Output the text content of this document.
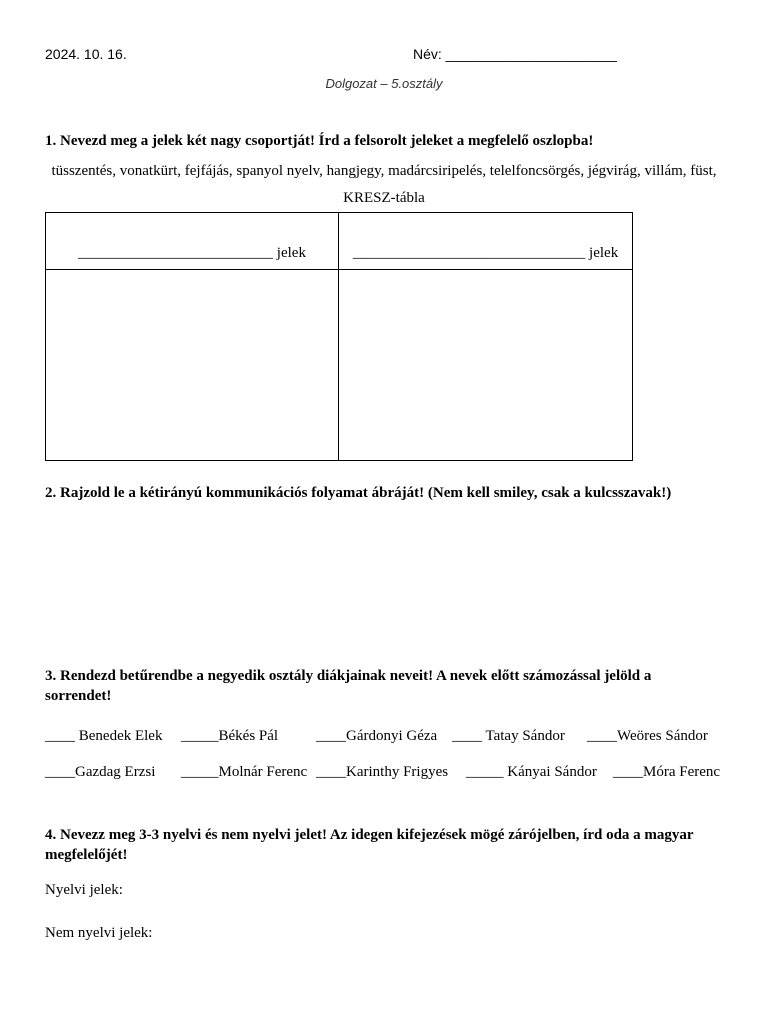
2024. 10. 16.	Név: ______________________
Dolgozat – 5.osztály
1. Nevezd meg a jelek két nagy csoportját! Írd a felsorolt jeleket a megfelelő oszlopba!
tüsszentés, vonatkürt, fejfájás, spanyol nyelv, hangjegy, madárcsiripelés, telelfoncsörgés, jégvirág, villám, füst, KRESZ-tábla
__________________________ jelek	_______________________________ jelek

2. Rajzold le a kétirányú kommunikációs folyamat ábráját! (Nem kell smiley, csak a kulcsszavak!)
3. Rendezd betűrendbe a negyedik osztály diákjainak neveit! A nevek előtt számozással jelöld a sorrendet!
____ Benedek Elek _____Békés Pál	____Gárdonyi Géza ____ Tatay Sándor ____Weöres Sándor
____Gazdag Erzsi _____Molnár Ferenc ____Karinthy Frigyes _____ Kányai Sándor ____Móra Ferenc
4. Nevezz meg 3-3 nyelvi és nem nyelvi jelet! Az idegen kifejezések mögé zárójelben, írd oda a magyar
megfelelőjét!
Nyelvi jelek:
Nem nyelvi jelek:
